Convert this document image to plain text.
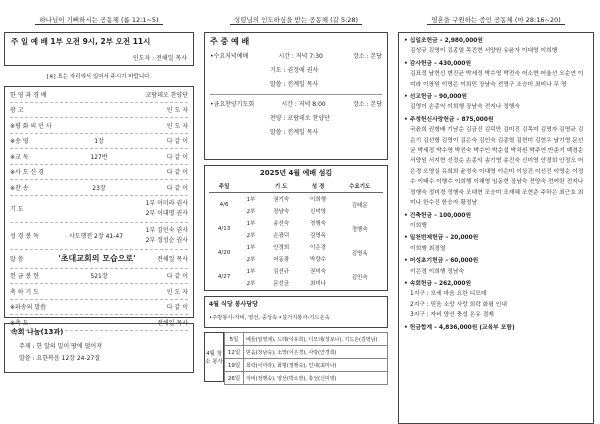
하나님이 기뻐하시는 공동체 (롬 12:1~5)
주 일 예 배 1부 오전 9시, 2부 오전 11시
인도자 : 전해일 목사
[※] 표는 자리에서 일어서 주시기 바랍니다.
한 영 과 경 배	코람데오 찬양단
광 고	인 도 자
※평 화 의 인 사	인 도 자
※송 영	1장	다 같 이
※교 독	127번	다 같 이
※사 도 신 경	다 같 이
※찬 송	23장	다 같 이
기 도
1부 이미라 권사
2부 이대명 권사
성 경 봉 독	사도행전 2장 41-47
1부 김민숙 권사
2부 정성순 권사
말 씀	'초대교회의 모습으로'	전해일 목사
헌 금 봉 헌	521장	다 같 이
축 하 기 도	인 도 자
※파송의 말씀	다 같 이
※축 도	전해일 목사
속회 나눔(13과)
주제 : 한 알의 밀이 땅에 떨어져
말씀 : 요한복음 12장 24-27절
성령님의 인도하심을 받는 공동체 (갈 5:28)
주 중 예 배
•수요저녁예배	시간 : 저녁 7:30	장소 : 본당
기도 : 권정애 권사
말씀 : 전계일 목사
•금요찬양기도회	시간 : 저녁 8:00	장소 : 본당
찬양 : 코람데오 찬양단
말씀 : 전계일 목사
2025년 4월 예배 섬김
주일		기 도	성 경	수요기도
4/6	1부	권기숙	이희행	김태문
	2부	장남숙	신미영	
4/13	1부	송선숙	정행숙	정행숙
	2부	손광덕	김명옥	
4/20	1부	안경희	이은경	김명옥
	2부	어동광	박량수	
4/27	1부	김선규	권미숙	김민숙
	2부	문선균	최미나	
4월 식당 봉사담당
•주방봉사-자비, 영선, 중성속 •설거지봉사-기드온속
4월 청소 봉사
5일	베들(임영제), 드레(이유희), 디모데(성보나), 기드온(김영남)
12일	믿음(장남숙), 소망(이은경), 사랑(안경희)
19일	희락(이미라), 화평(정행숙), 인내(최미나)
26일	자비(정행숙), 양선(박소영), 충성(신미영)
영혼을 구원하는 증인 공동체 (마 28:16~20)
• 십일조헌금 – 2,980,000원
김성규 김영이 김종열 목진현 서양원 유윤자 이대영 이희행
• 감사헌금 – 430,000원
김표정 남현신 변진균 박세정 박수영 박전숙 어소현 어율선 오순연 이미라 이창원 이영은 이희민 장남숙 전영구 조승미 최미나 무 명
• 선교헌금 – 90,000원
김영이 손종익 이희행 장남숙 전지나 정행숙
• 주정헌신사랑헌금 – 875,000원
국윤희 권형배 기남순 김금진 김덕만 김미진 김목미 김명자 김명규 김순기 김선형 김영이 김은숙 김인숙 김종열 김현미 김현우 남기영 문선균 박세정 박수영 박전숙 박수인 박순섭 박치원 박주연 반준기 백경순 서양원 서지현 선정순 손종익 송기영 송진숙 신미영 안경희 안정오 어은경 오영실 유희희 윤정숙 이대영 이은미 이상진 이선진 이영순 이정수 이태수 이행수 이희행 이혜영 임동현 장남숙 전양숙 전여란 전지나 정행숙 정미경 정행숙 조대현 조승미 조재혜 조현준 주하은 최근호 최미나 한수진 한승자 황정남
• 건축헌금 – 100,000원
이희행
• 일천번제헌금 – 20,000원
이희행 최경열
• 어성초기헌금 – 60,000원
이은경 이희행 정남숙
• 속회헌금 – 262,000원
1지구 : 모세 마음 요한 디모데
2지구 : 믿음 소망 사랑 희락 화평 인내
3지구 : 자비 양선 충성 온유 절제
• 헌금합계 – 4,836,000원 (교육부 포함)
